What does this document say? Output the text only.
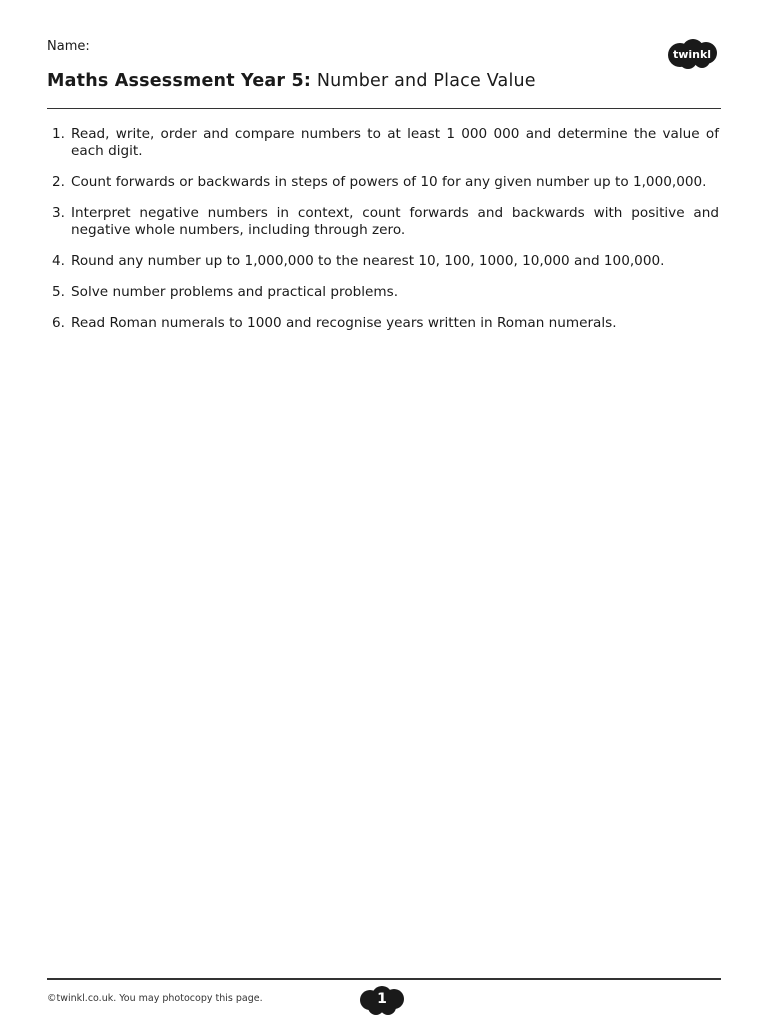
Name:
twinkl
Maths Assessment Year 5: Number and Place Value
1. Read, write, order and compare numbers to at least 1 000 000 and determine the value of each digit.
2. Count forwards or backwards in steps of powers of 10 for any given number up to 1,000,000.
3. Interpret negative numbers in context, count forwards and backwards with positive and negative whole numbers, including through zero.
4. Round any number up to 1,000,000 to the nearest 10, 100, 1000, 10,000 and 100,000.
5. Solve number problems and practical problems.
6. Read Roman numerals to 1000 and recognise years written in Roman numerals.
©twinkl.co.uk. You may photocopy this page.	1
